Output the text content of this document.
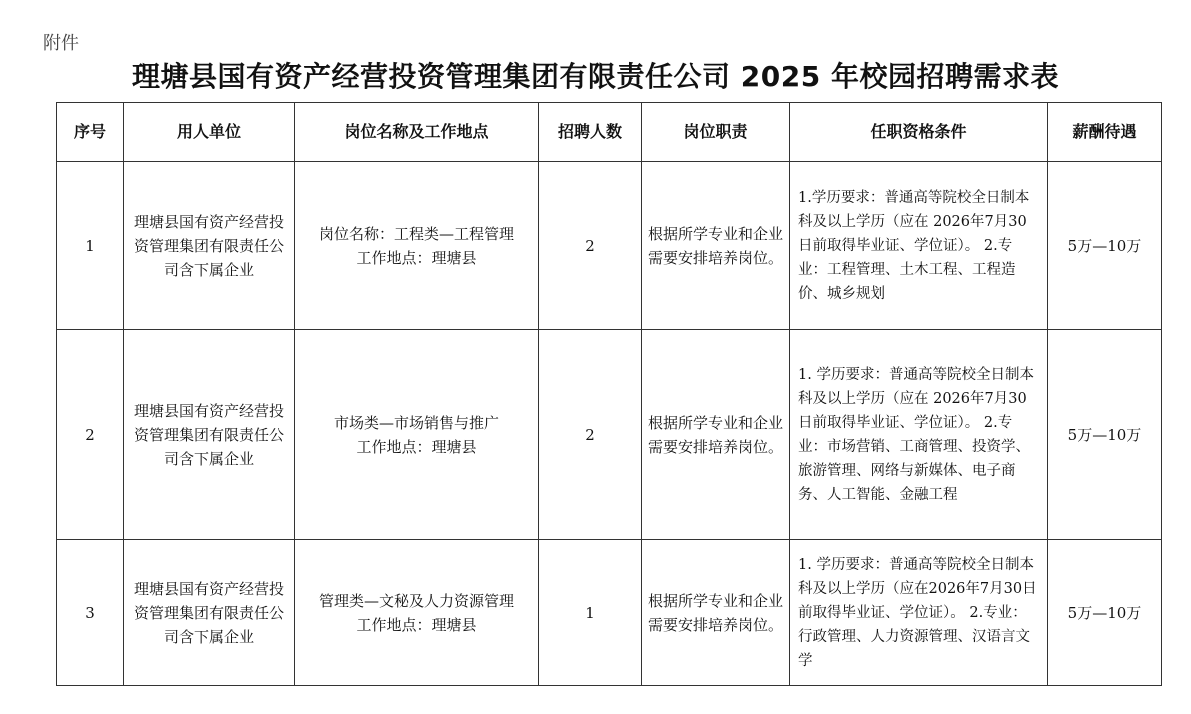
附件
理塘县国有资产经营投资管理集团有限责任公司 2025 年校园招聘需求表
序号	用人单位	岗位名称及工作地点	招聘人数	岗位职责	任职资格条件	薪酬待遇
1	理塘县国有资产经营投资管理集团有限责任公司含下属企业	岗位名称：工程类—工程管理
工作地点：理塘县	2	根据所学专业和企业需要安排培养岗位。	1.学历要求：普通高等院校全日制本科及以上学历（应在 2026年7月30日前取得毕业证、学位证）。 2.专业：工程管理、土木工程、工程造价、城乡规划	5万—10万
2	理塘县国有资产经营投资管理集团有限责任公司含下属企业	市场类—市场销售与推广
工作地点：理塘县	2	根据所学专业和企业需要安排培养岗位。	1. 学历要求：普通高等院校全日制本科及以上学历（应在 2026年7月30日前取得毕业证、学位证）。 2.专业：市场营销、工商管理、投资学、旅游管理、网络与新媒体、电子商务、人工智能、金融工程	5万—10万
3	理塘县国有资产经营投资管理集团有限责任公司含下属企业	管理类—文秘及人力资源管理
工作地点：理塘县	1	根据所学专业和企业需要安排培养岗位。	1. 学历要求：普通高等院校全日制本科及以上学历（应在2026年7月30日前取得毕业证、学位证）。 2.专业：行政管理、人力资源管理、汉语言文学	5万—10万
